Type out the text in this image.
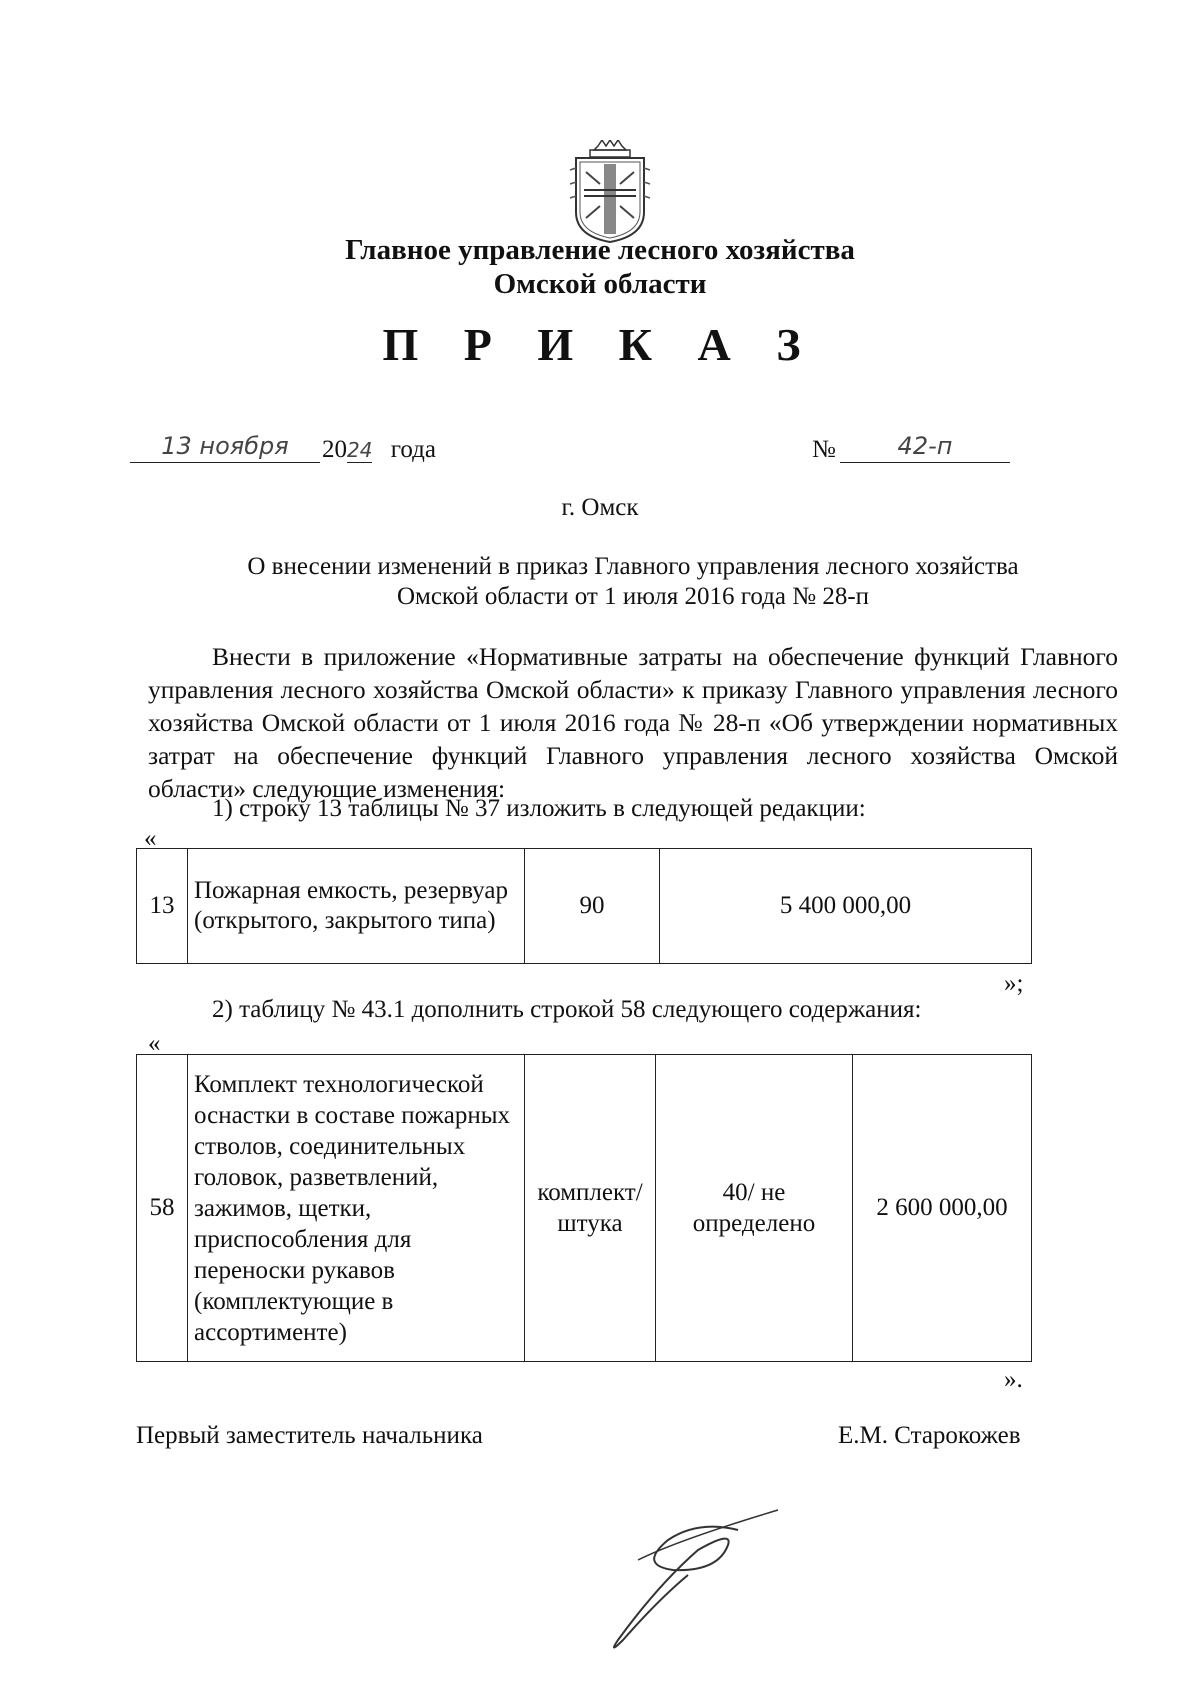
Главное управление лесного хозяйства
Омской области
П Р И К А З
13 ноября	2024 года	№	42-п
г. Омск
О внесении изменений в приказ Главного управления лесного хозяйства
Омской области от 1 июля 2016 года № 28-п
Внести в приложение «Нормативные затраты на обеспечение функций Главного управления лесного хозяйства Омской области» к приказу Главного управления лесного хозяйства Омской области от 1 июля 2016 года № 28-п «Об утверждении нормативных затрат на обеспечение функций Главного управления лесного хозяйства Омской области» следующие изменения:
1) строку 13 таблицы № 37 изложить в следующей редакции:
«
13	Пожарная емкость, резервуар (открытого, закрытого типа)	90	5 400 000,00
»;
2) таблицу № 43.1 дополнить строкой 58 следующего содержания:
«
58	Комплект технологической оснастки в составе пожарных стволов, соединительных головок, разветвлений, зажимов, щетки, приспособления для переноски рукавов (комплектующие в ассортименте)	комплект/ штука	40/ не определено	2 600 000,00
».
Первый заместитель начальника	Е.М. Старокожев
